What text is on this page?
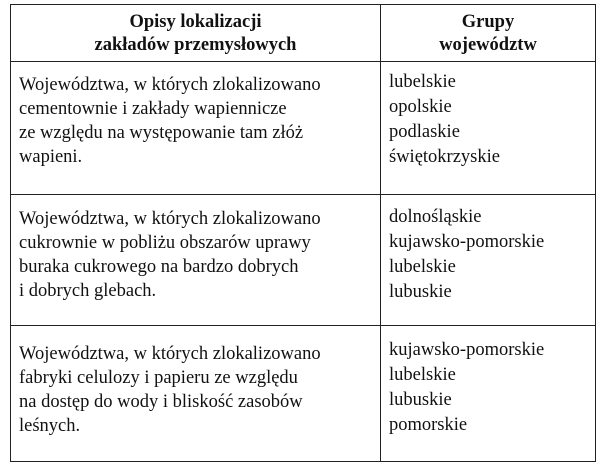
Opisy lokalizacji
zakładów przemysłowych
Grupy
województw
Województwa, w których zlokalizowano
cementownie i zakłady wapiennicze
ze względu na występowanie tam złóż
wapieni.
lubelskie
opolskie
podlaskie
świętokrzyskie
Województwa, w których zlokalizowano
cukrownie w pobliżu obszarów uprawy
buraka cukrowego na bardzo dobrych
i dobrych glebach.
dolnośląskie
kujawsko-pomorskie
lubelskie
lubuskie
Województwa, w których zlokalizowano
fabryki celulozy i papieru ze względu
na dostęp do wody i bliskość zasobów
leśnych.
kujawsko-pomorskie
lubelskie
lubuskie
pomorskie
